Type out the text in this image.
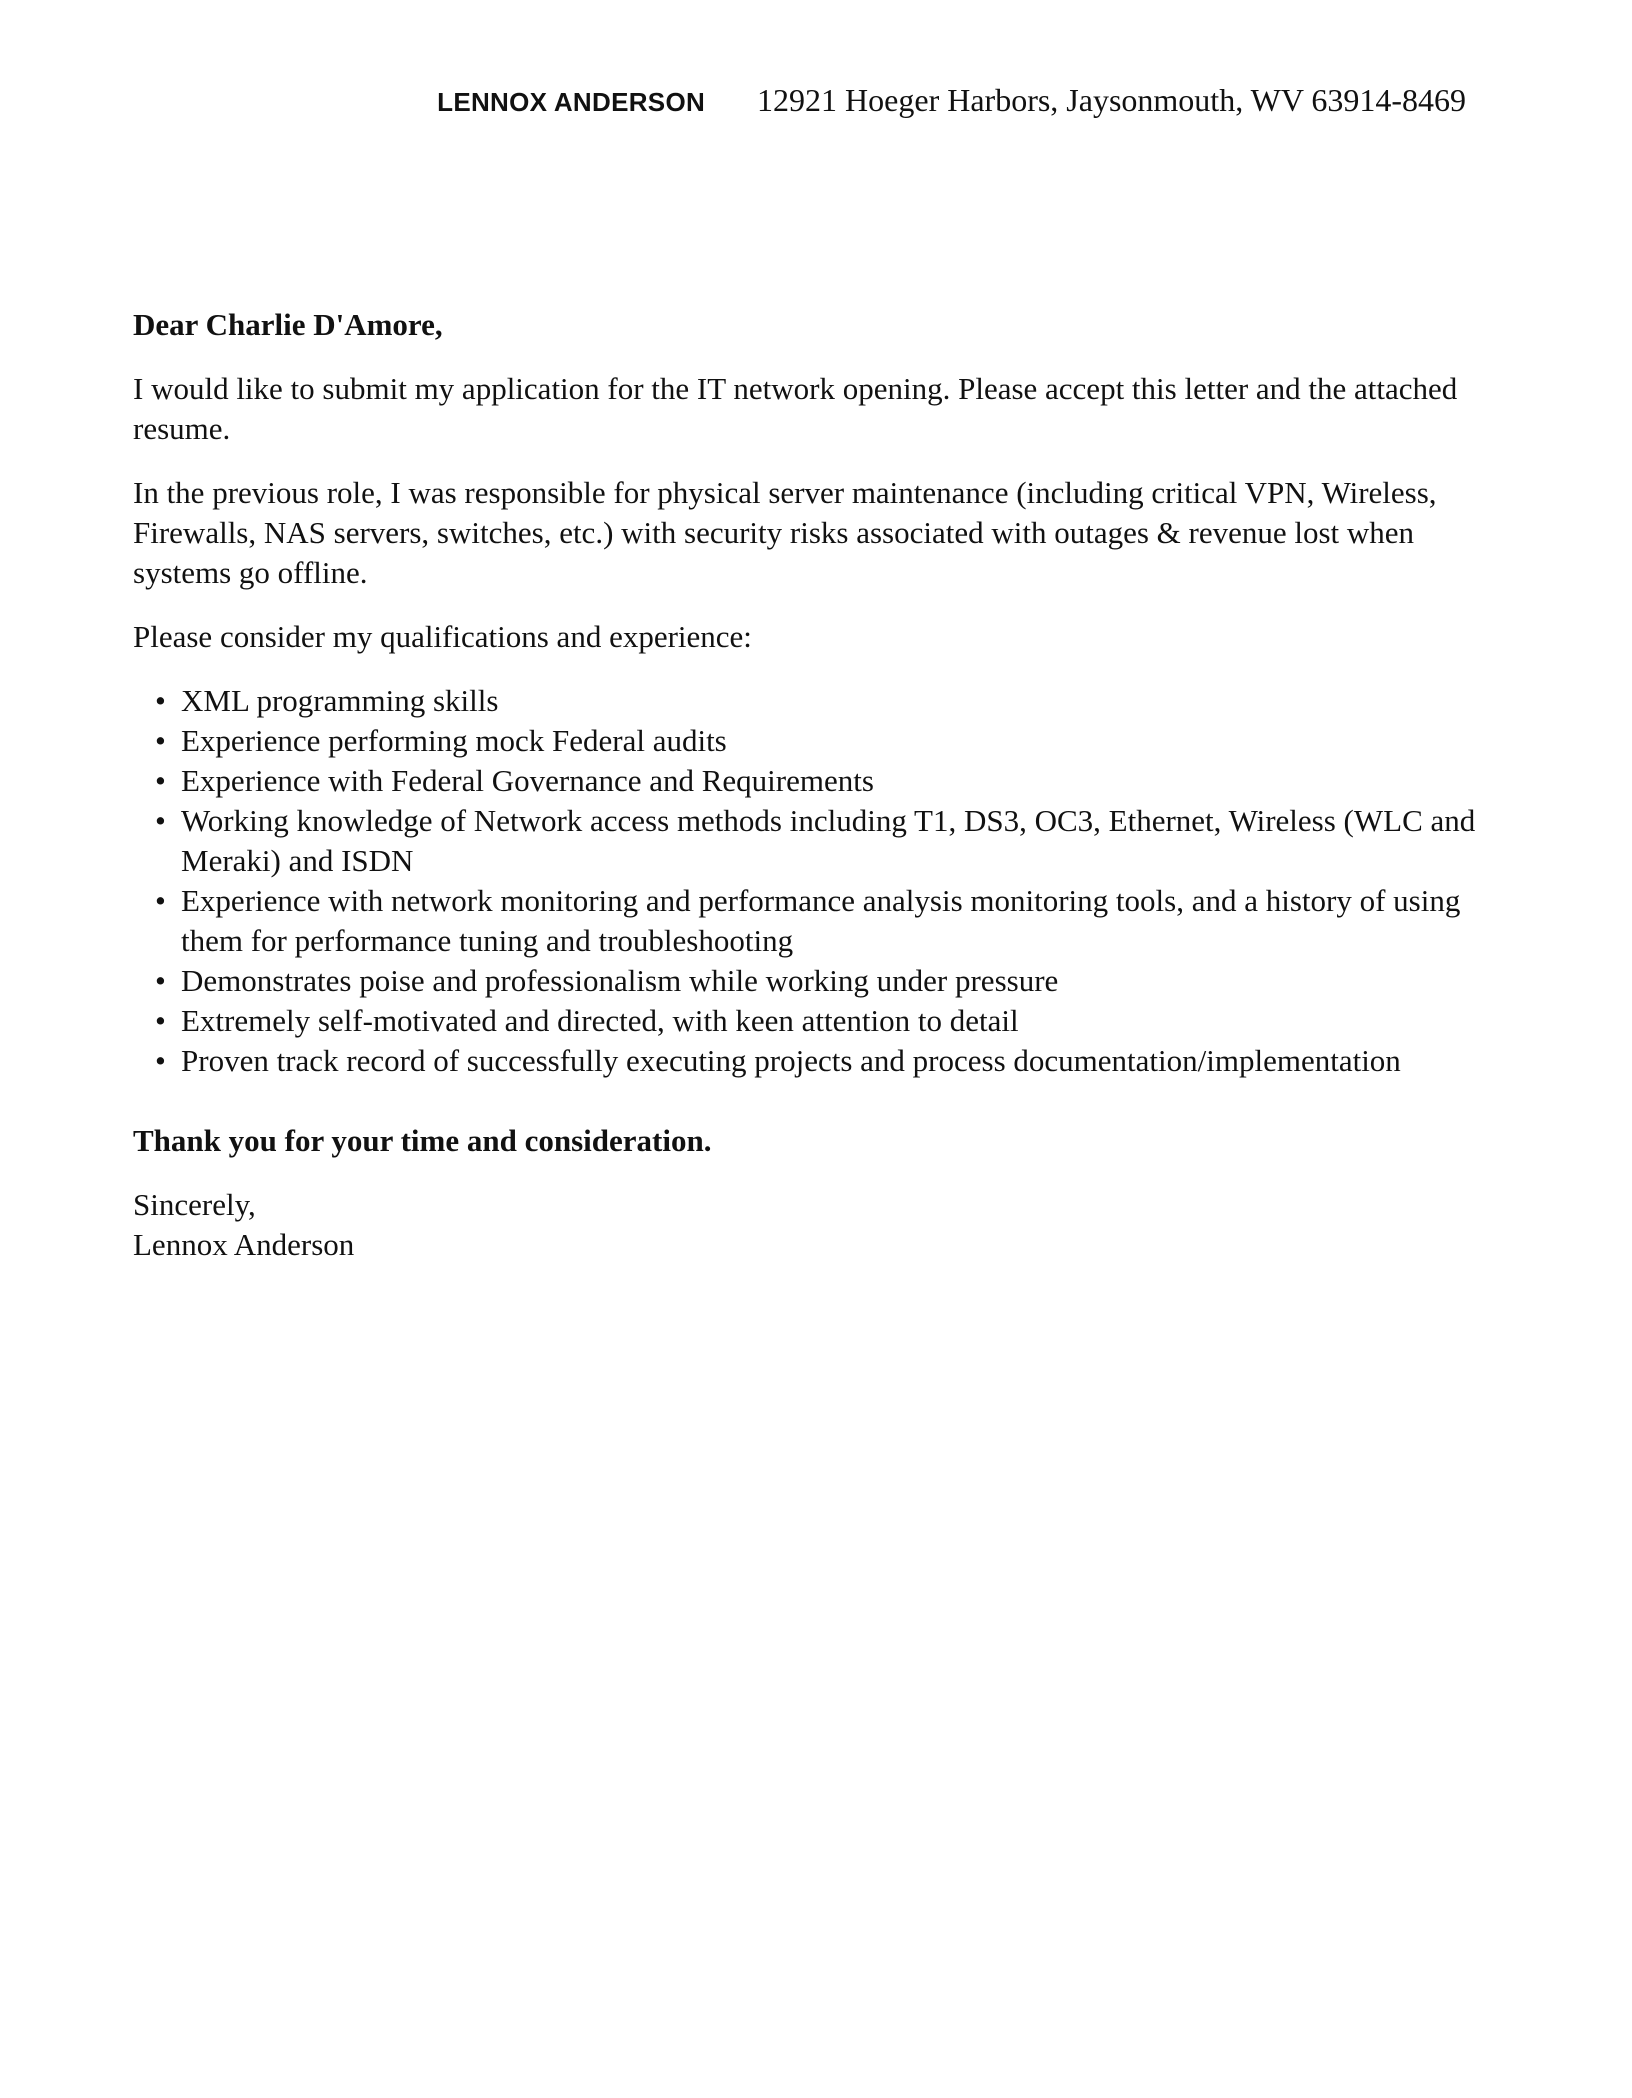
LENNOX ANDERSON 12921 Hoeger Harbors, Jaysonmouth, WV 63914-8469

Dear Charlie D'Amore,

I would like to submit my application for the IT network opening. Please accept this letter and the attached resume.

In the previous role, I was responsible for physical server maintenance (including critical VPN, Wireless, Firewalls, NAS servers, switches, etc.) with security risks associated with outages & revenue lost when systems go offline.

Please consider my qualifications and experience:

• XML programming skills
• Experience performing mock Federal audits
• Experience with Federal Governance and Requirements
• Working knowledge of Network access methods including T1, DS3, OC3, Ethernet, Wireless (WLC and Meraki) and ISDN
• Experience with network monitoring and performance analysis monitoring tools, and a history of using them for performance tuning and troubleshooting
• Demonstrates poise and professionalism while working under pressure
• Extremely self-motivated and directed, with keen attention to detail
• Proven track record of successfully executing projects and process documentation/implementation

Thank you for your time and consideration.

Sincerely,

Lennox Anderson
